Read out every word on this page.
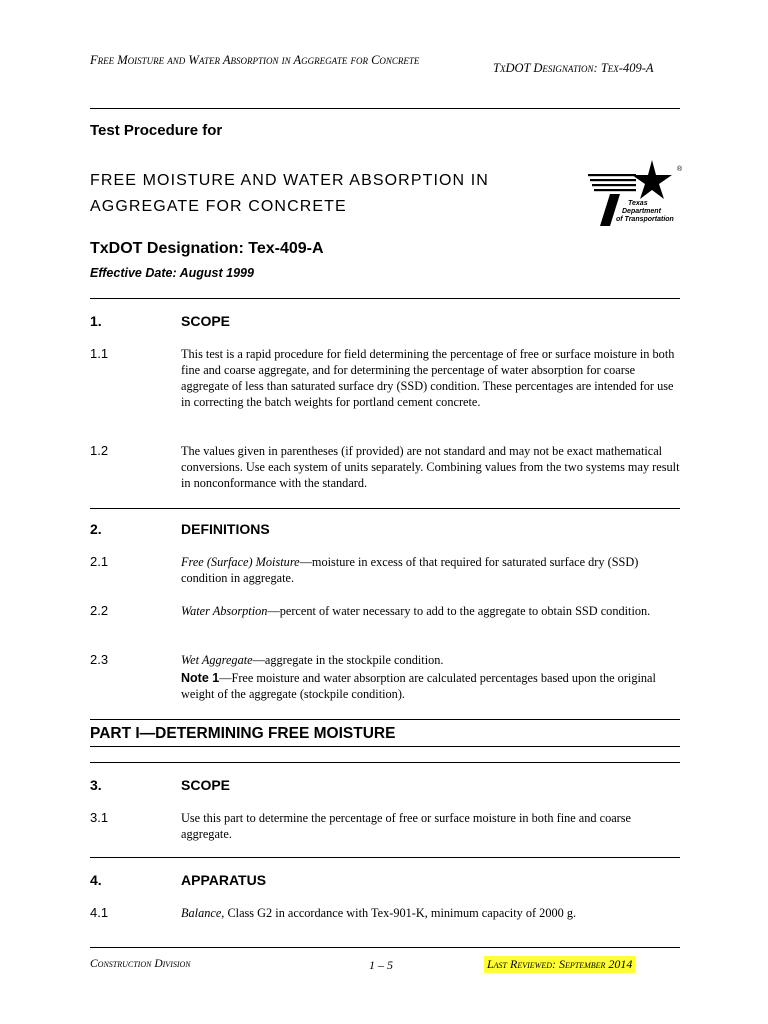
Free Moisture and Water Absorption in Aggregate for Concrete
TxDOT Designation: Tex-409-A
Test Procedure for
FREE MOISTURE AND WATER ABSORPTION IN
AGGREGATE FOR CONCRETE
TxDOT Designation: Tex-409-A
Effective Date: August 1999
®
Texas
Department
of Transportation
1.	SCOPE
1.1	This test is a rapid procedure for field determining the percentage of free or surface moisture in both fine and coarse aggregate, and for determining the percentage of water absorption for coarse aggregate of less than saturated surface dry (SSD) condition. These percentages are intended for use in correcting the batch weights for portland cement concrete.
1.2	The values given in parentheses (if provided) are not standard and may not be exact mathematical conversions. Use each system of units separately. Combining values from the two systems may result in nonconformance with the standard.
2.	DEFINITIONS
2.1	Free (Surface) Moisture—moisture in excess of that required for saturated surface dry (SSD) condition in aggregate.
2.2	Water Absorption—percent of water necessary to add to the aggregate to obtain SSD condition.
2.3	Wet Aggregate—aggregate in the stockpile condition.
Note 1—Free moisture and water absorption are calculated percentages based upon the original weight of the aggregate (stockpile condition).
PART I—DETERMINING FREE MOISTURE
3.	SCOPE
3.1	Use this part to determine the percentage of free or surface moisture in both fine and coarse aggregate.
4.	APPARATUS
4.1	Balance, Class G2 in accordance with Tex-901-K, minimum capacity of 2000 g.
Construction Division	1 – 5	Last Reviewed: September 2014
